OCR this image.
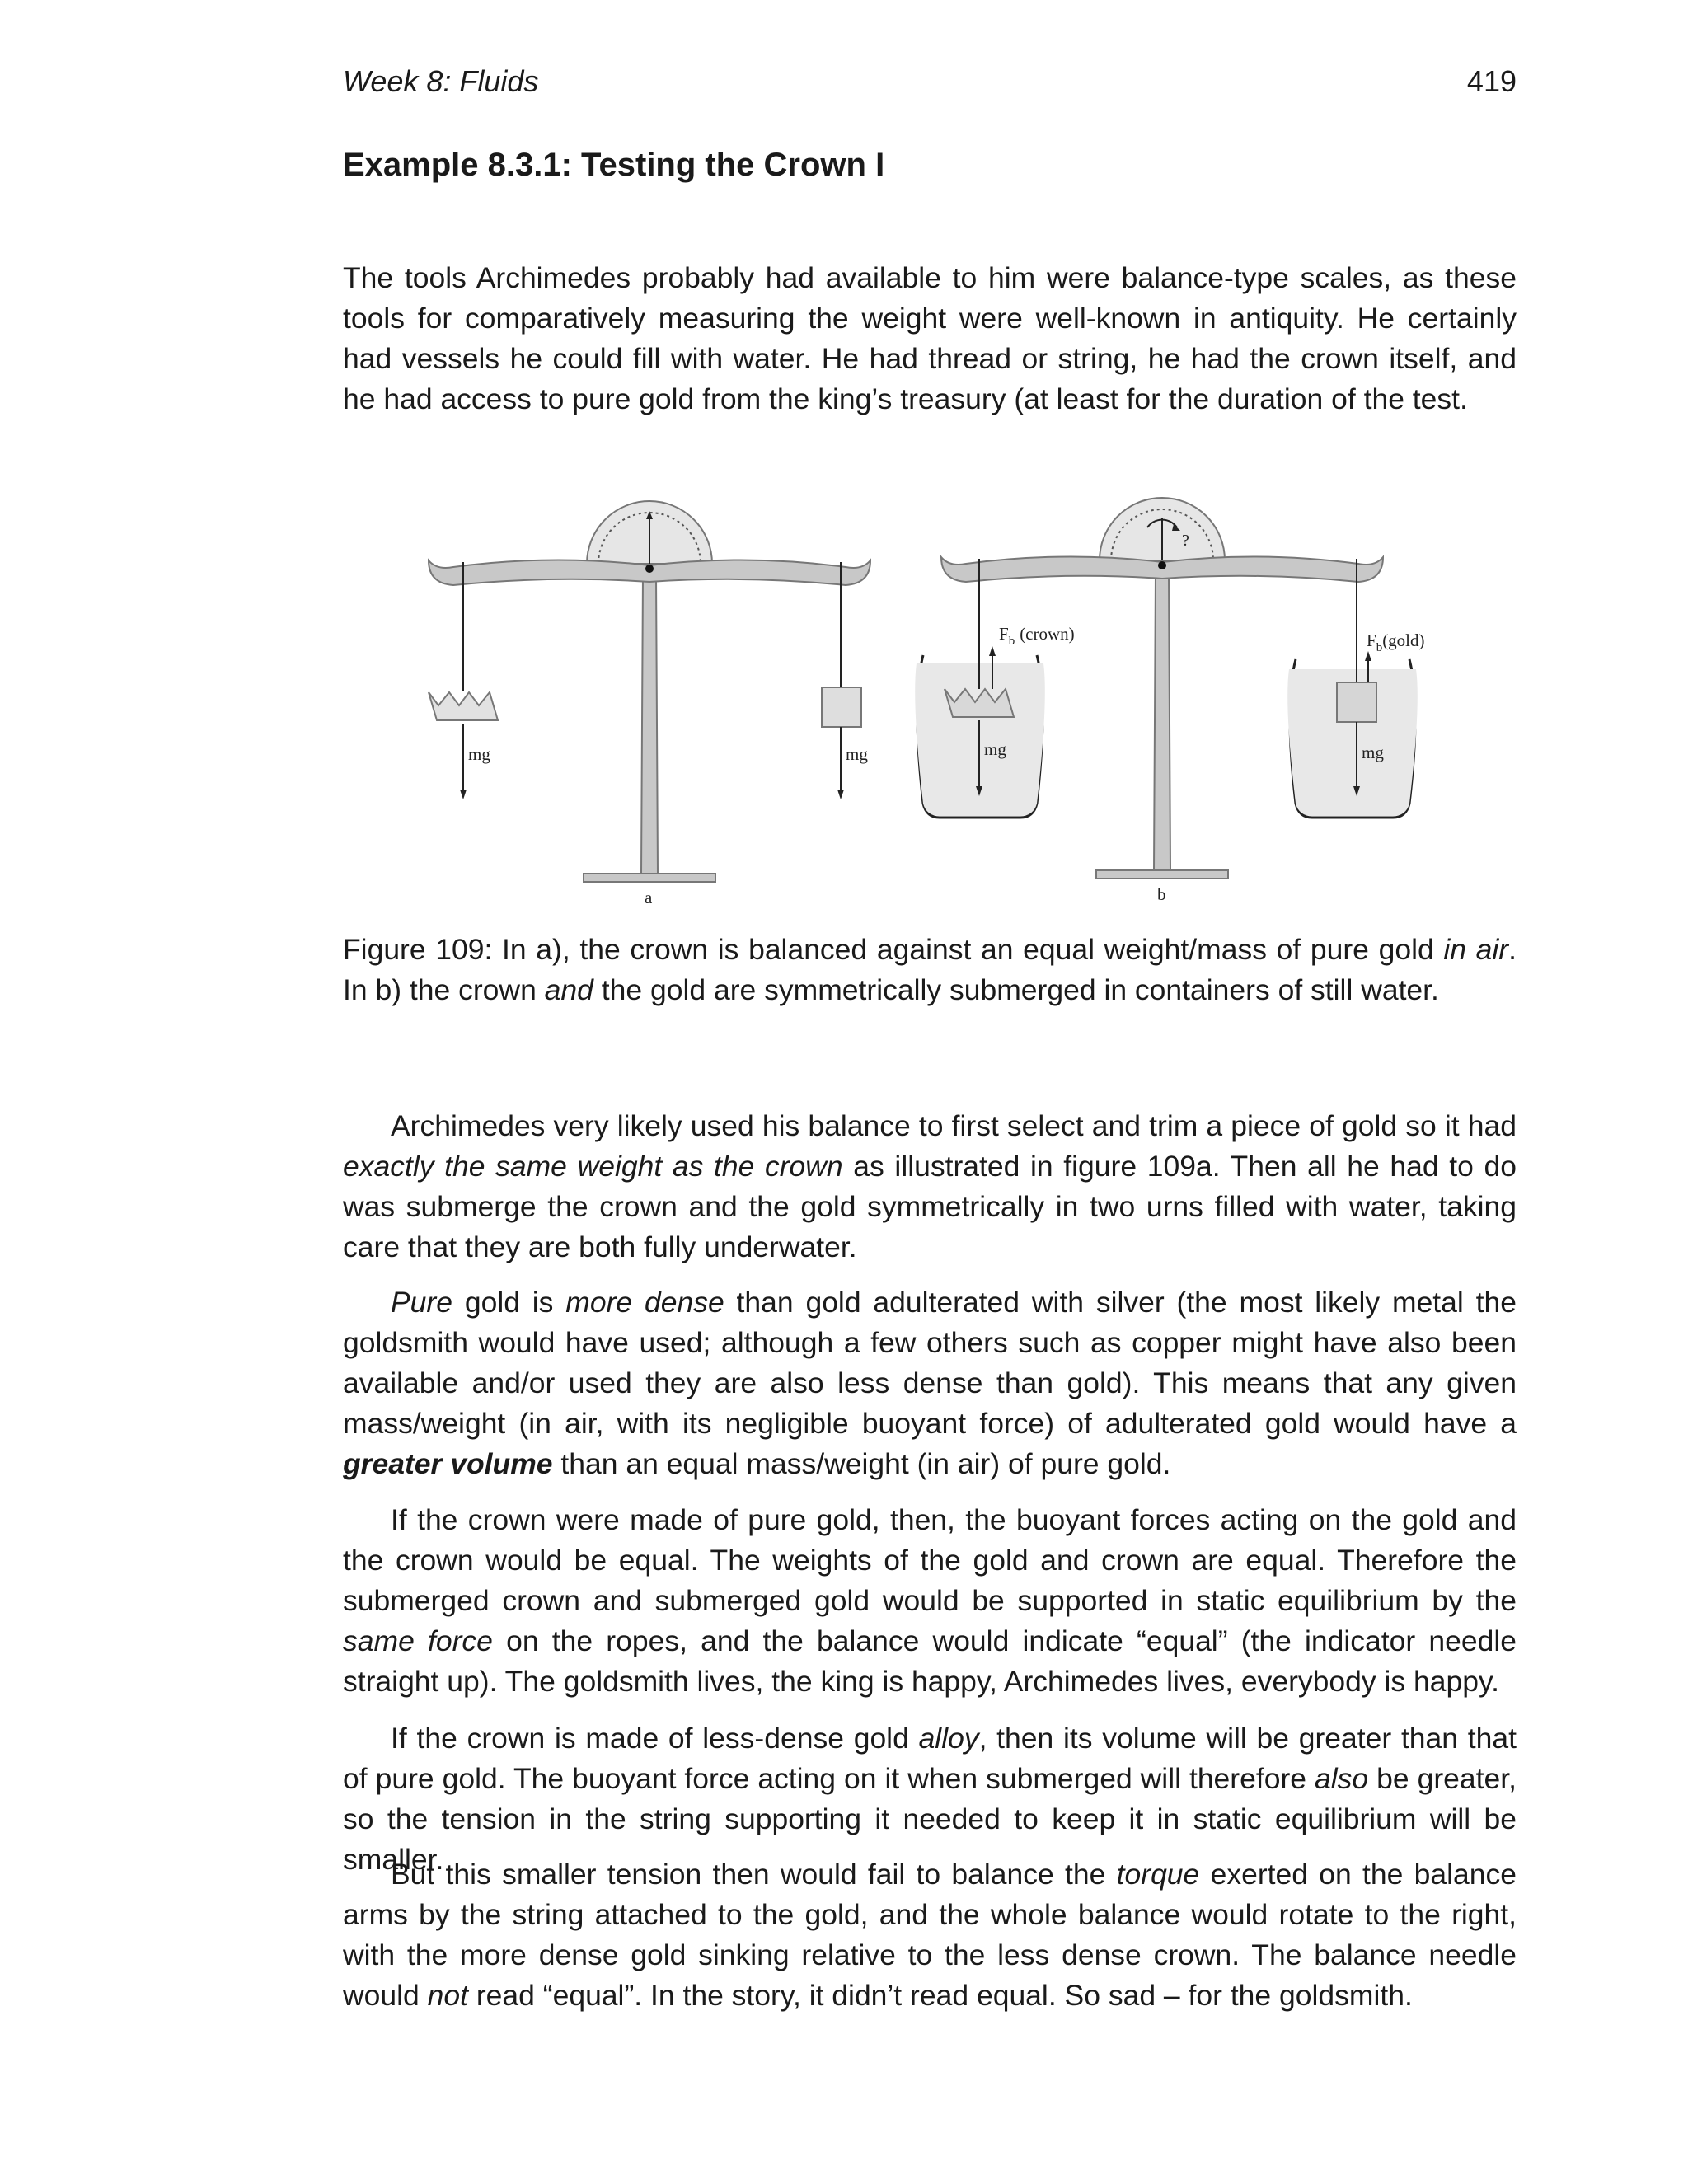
Week 8: Fluids	419
Example 8.3.1: Testing the Crown I

The tools Archimedes probably had available to him were balance-type scales, as these tools for comparatively measuring the weight were well-known in antiquity. He certainly had vessels he could fill with water. He had thread or string, he had the crown itself, and he had access to pure gold from the king’s treasury (at least for the duration of the test.

mg	mg
a
?
$F_b$ (crown)
mg
$F_b(gold)$
mg
b

Figure 109: In a), the crown is balanced against an equal weight/mass of pure gold in air. In b) the crown and the gold are symmetrically submerged in containers of still water.

Archimedes very likely used his balance to first select and trim a piece of gold so it had exactly the same weight as the crown as illustrated in figure 109a. Then all he had to do was submerge the crown and the gold symmetrically in two urns filled with water, taking care that they are both fully underwater.

Pure gold is more dense than gold adulterated with silver (the most likely metal the goldsmith would have used; although a few others such as copper might have also been available and/or used they are also less dense than gold). This means that any given mass/weight (in air, with its negligible buoyant force) of adulterated gold would have a greater volume than an equal mass/weight (in air) of pure gold.

If the crown were made of pure gold, then, the buoyant forces acting on the gold and the crown would be equal. The weights of the gold and crown are equal. Therefore the submerged crown and submerged gold would be supported in static equilibrium by the same force on the ropes, and the balance would indicate “equal” (the indicator needle straight up). The goldsmith lives, the king is happy, Archimedes lives, everybody is happy.

If the crown is made of less-dense gold alloy, then its volume will be greater than that of pure gold. The buoyant force acting on it when submerged will therefore also be greater, so the tension in the string supporting it needed to keep it in static equilibrium will be smaller.

But this smaller tension then would fail to balance the torque exerted on the balance arms by the string attached to the gold, and the whole balance would rotate to the right, with the more dense gold sinking relative to the less dense crown. The balance needle would not read “equal”. In the story, it didn’t read equal. So sad – for the goldsmith.
